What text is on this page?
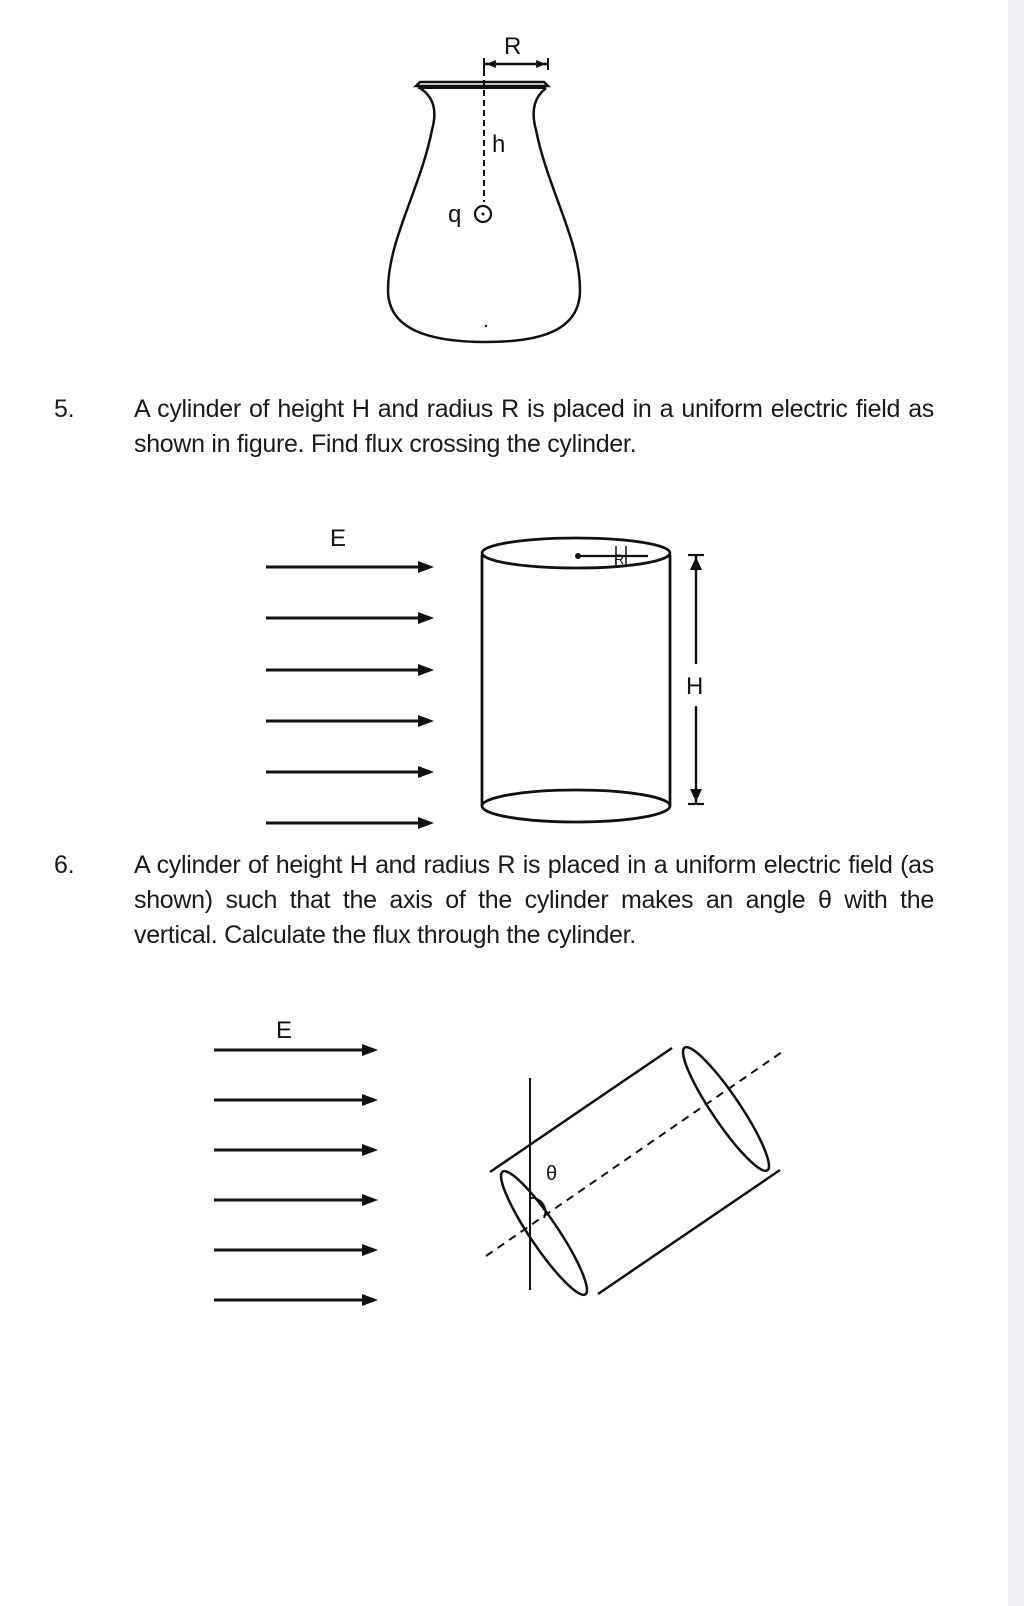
R
h
q
5. A cylinder of height H and radius R is placed in a uniform electric field as shown in figure. Find flux crossing the cylinder.
E
H
R
6. A cylinder of height H and radius R is placed in a uniform electric field (as shown) such that the axis of the cylinder makes an angle θ with the vertical. Calculate the flux through the cylinder.
E
θ
